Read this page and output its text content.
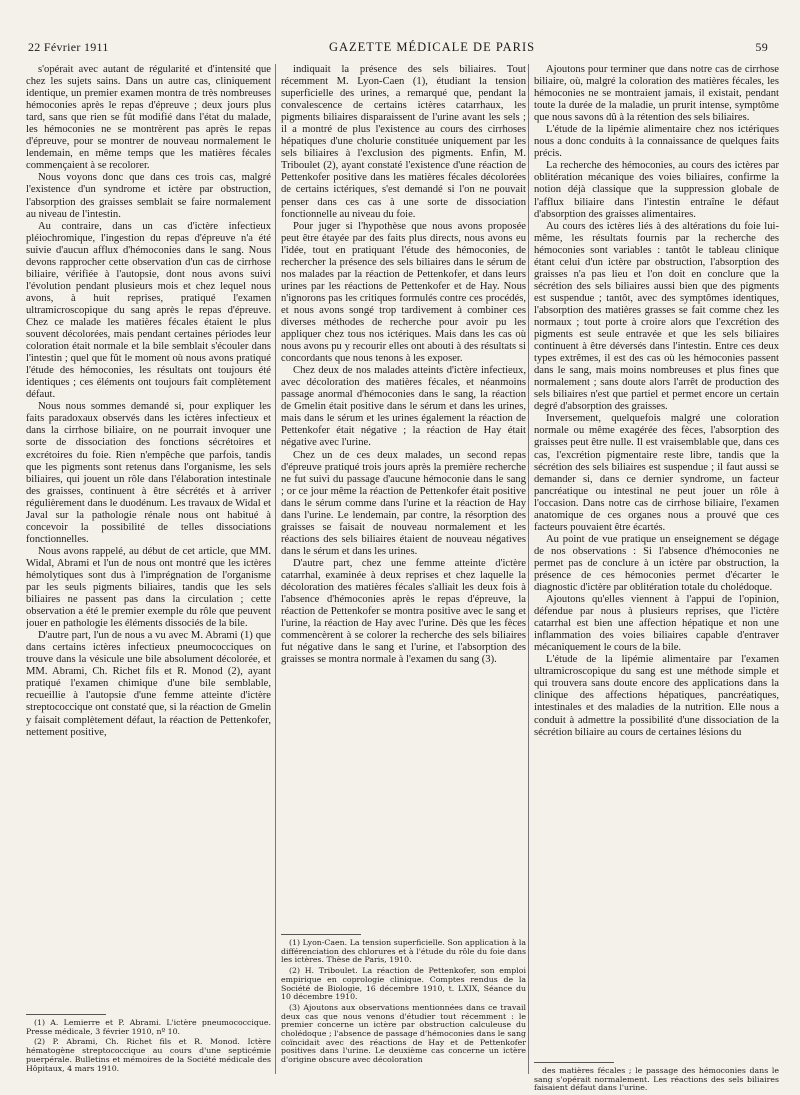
22 Février 1911	GAZETTE MÉDICALE DE PARIS	59

s'opérait avec autant de régularité et d'intensité que chez les sujets sains. Dans un autre cas, cliniquement identique, un premier examen montra de très nombreuses hémoconies après le repas d'épreuve ; deux jours plus tard, sans que rien se fût modifié dans l'état du malade, les hémoconies ne se montrèrent pas après le repas d'épreuve, pour se montrer de nouveau normalement le lendemain, en même temps que les matières fécales commençaient à se recolorer.

Nous voyons donc que dans ces trois cas, malgré l'existence d'un syndrome et ictère par obstruction, l'absorption des graisses semblait se faire normalement au niveau de l'intestin.

Au contraire, dans un cas d'ictère infectieux pléiochromique, l'ingestion du repas d'épreuve n'a été suivie d'aucun afflux d'hémoconies dans le sang. Nous devons rapprocher cette observation d'un cas de cirrhose biliaire, vérifiée à l'autopsie, dont nous avons suivi l'évolution pendant plusieurs mois et chez lequel nous avons, à huit reprises, pratiqué l'examen ultramicroscopique du sang après le repas d'épreuve. Chez ce malade les matières fécales étaient le plus souvent décolorées, mais pendant certaines périodes leur coloration était normale et la bile semblait s'écouler dans l'intestin ; quel que fût le moment où nous avons pratiqué l'étude des hémoconies, les résultats ont toujours été identiques ; ces éléments ont toujours fait complètement défaut.

Nous nous sommes demandé si, pour expliquer les faits paradoxaux observés dans les ictères infectieux et dans la cirrhose biliaire, on ne pourrait invoquer une sorte de dissociation des fonctions sécrétoires et excrétoires du foie. Rien n'empêche que parfois, tandis que les pigments sont retenus dans l'organisme, les sels biliaires, qui jouent un rôle dans l'élaboration intestinale des graisses, continuent à être sécrétés et à arriver régulièrement dans le duodénum. Les travaux de Widal et Javal sur la pathologie rénale nous ont habitué à concevoir la possibilité de telles dissociations fonctionnelles.

Nous avons rappelé, au début de cet article, que MM. Widal, Abrami et l'un de nous ont montré que les ictères hémolytiques sont dus à l'imprégnation de l'organisme par les seuls pigments biliaires, tandis que les sels biliaires ne passent pas dans la circulation ; cette observation a été le premier exemple du rôle que peuvent jouer en pathologie les éléments dissociés de la bile.

D'autre part, l'un de nous a vu avec M. Abrami (1) que dans certains ictères infectieux pneumococciques on trouve dans la vésicule une bile absolument décolorée, et MM. Abrami, Ch. Richet fils et R. Monod (2), ayant pratiqué l'examen chimique d'une bile semblable, recueillie à l'autopsie d'une femme atteinte d'ictère streptococcique ont constaté que, si la réaction de Gmelin y faisait complètement défaut, la réaction de Pettenkofer, nettement positive,

indiquait la présence des sels biliaires. Tout récemment M. Lyon-Caen (1), étudiant la tension superficielle des urines, a remarqué que, pendant la convalescence de certains ictères catarrhaux, les pigments biliaires disparaissent de l'urine avant les sels ; il a montré de plus l'existence au cours des cirrhoses hépatiques d'une cholurie constituée uniquement par les sels biliaires à l'exclusion des pigments. Enfin, M. Triboulet (2), ayant constaté l'existence d'une réaction de Pettenkofer positive dans les matières fécales décolorées de certains ictériques, s'est demandé si l'on ne pouvait penser dans ces cas à une sorte de dissociation fonctionnelle au niveau du foie.

Pour juger si l'hypothèse que nous avons proposée peut être étayée par des faits plus directs, nous avons eu l'idée, tout en pratiquant l'étude des hémoconies, de rechercher la présence des sels biliaires dans le sérum de nos malades par la réaction de Pettenkofer, et dans leurs urines par les réactions de Pettenkofer et de Hay. Nous n'ignorons pas les critiques formulés contre ces procédés, et nous avons songé trop tardivement à combiner ces diverses méthodes de recherche pour avoir pu les appliquer chez tous nos ictériques. Mais dans les cas où nous avons pu y recourir elles ont abouti à des résultats si concordants que nous tenons à les exposer.

Chez deux de nos malades atteints d'ictère infectieux, avec décoloration des matières fécales, et néanmoins passage anormal d'hémoconies dans le sang, la réaction de Gmelin était positive dans le sérum et dans les urines, mais dans le sérum et les urines également la réaction de Pettenkofer était négative ; la réaction de Hay était négative avec l'urine.

Chez un de ces deux malades, un second repas d'épreuve pratiqué trois jours après la première recherche ne fut suivi du passage d'aucune hémoconie dans le sang ; or ce jour même la réaction de Pettenkofer était positive dans le sérum comme dans l'urine et la réaction de Hay dans l'urine. Le lendemain, par contre, la résorption des graisses se faisait de nouveau normalement et les réactions des sels biliaires étaient de nouveau négatives dans le sérum et dans les urines.

D'autre part, chez une femme atteinte d'ictère catarrhal, examinée à deux reprises et chez laquelle la décoloration des matières fécales s'alliait les deux fois à l'absence d'hémoconies après le repas d'épreuve, la réaction de Pettenkofer se montra positive avec le sang et l'urine, la réaction de Hay avec l'urine. Dès que les fèces commencèrent à se colorer la recherche des sels biliaires fut négative dans le sang et l'urine, et l'absorption des graisses se montra normale à l'examen du sang (3).

Ajoutons pour terminer que dans notre cas de cirrhose biliaire, où, malgré la coloration des matières fécales, les hémoconies ne se montraient jamais, il existait, pendant toute la durée de la maladie, un prurit intense, symptôme que nous savons dû à la rétention des sels biliaires.

L'étude de la lipémie alimentaire chez nos ictériques nous a donc conduits à la connaissance de quelques faits précis.

La recherche des hémoconies, au cours des ictères par oblitération mécanique des voies biliaires, confirme la notion déjà classique que la suppression globale de l'afflux biliaire dans l'intestin entraîne le défaut d'absorption des graisses alimentaires.

Au cours des ictères liés à des altérations du foie lui-même, les résultats fournis par la recherche des hémoconies sont variables : tantôt le tableau clinique étant celui d'un ictère par obstruction, l'absorption des graisses n'a pas lieu et l'on doit en conclure que la sécrétion des sels biliaires aussi bien que des pigments est suspendue ; tantôt, avec des symptômes identiques, l'absorption des matières grasses se fait comme chez les normaux ; tout porte à croire alors que l'excrétion des pigments est seule entravée et que les sels biliaires continuent à être déversés dans l'intestin. Entre ces deux types extrêmes, il est des cas où les hémoconies passent dans le sang, mais moins nombreuses et plus fines que normalement ; sans doute alors l'arrêt de production des sels biliaires n'est que partiel et permet encore un certain degré d'absorption des graisses.

Inversement, quelquefois malgré une coloration normale ou même exagérée des fèces, l'absorption des graisses peut être nulle. Il est vraisemblable que, dans ces cas, l'excrétion pigmentaire reste libre, tandis que la sécrétion des sels biliaires est suspendue ; il faut aussi se demander si, dans ce dernier syndrome, un facteur pancréatique ou intestinal ne peut jouer un rôle à l'occasion. Dans notre cas de cirrhose biliaire, l'examen anatomique de ces organes nous a prouvé que ces facteurs pouvaient être écartés.

Au point de vue pratique un enseignement se dégage de nos observations : Si l'absence d'hémoconies ne permet pas de conclure à un ictère par obstruction, la présence de ces hémoconies permet d'écarter le diagnostic d'ictère par oblitération totale du cholédoque.

Ajoutons qu'elles viennent à l'appui de l'opinion, défendue par nous à plusieurs reprises, que l'ictère catarrhal est bien une affection hépatique et non une inflammation des voies biliaires capable d'entraver mécaniquement le cours de la bile.

L'étude de la lipémie alimentaire par l'examen ultramicroscopique du sang est une méthode simple et qui trouvera sans doute encore des applications dans la clinique des affections hépatiques, pancréatiques, intestinales et des maladies de la nutrition. Elle nous a conduit à admettre la possibilité d'une dissociation de la sécrétion biliaire au cours de certaines lésions du

(1) Lyon-Caen. La tension superficielle. Son application à la différenciation des chlorures et à l'étude du rôle du foie dans les ictères. Thèse de Paris, 1910.

(2) H. Triboulet. La réaction de Pettenkofer, son emploi empirique en coprologie clinique. Comptes rendus de la Société de Biologie, 16 décembre 1910, t. LXIX, Séance du 10 décembre 1910.

(3) Ajoutons aux observations mentionnées dans ce travail deux cas que nous venons d'étudier tout récemment : le premier concerne un ictère par obstruction calculeuse du cholédoque ; l'absence de passage d'hémoconies dans le sang coïncidait avec des réactions de Hay et de Pettenkofer positives dans l'urine. Le deuxième cas concerne un ictère d'origine obscure avec décoloration

(1) A. Lemierre et P. Abrami. L'ictère pneumococcique. Presse médicale, 3 février 1910, nº 10.

(2) P. Abrami, Ch. Richet fils et R. Monod. Ictère hématogène streptococcique au cours d'une septicémie puerpérale. Bulletins et mémoires de la Société médicale des Hôpitaux, 4 mars 1910.	des matières fécales ; le passage des hémoconies dans le sang s'opérait normalement. Les réactions des sels biliaires faisaient défaut dans l'urine.
